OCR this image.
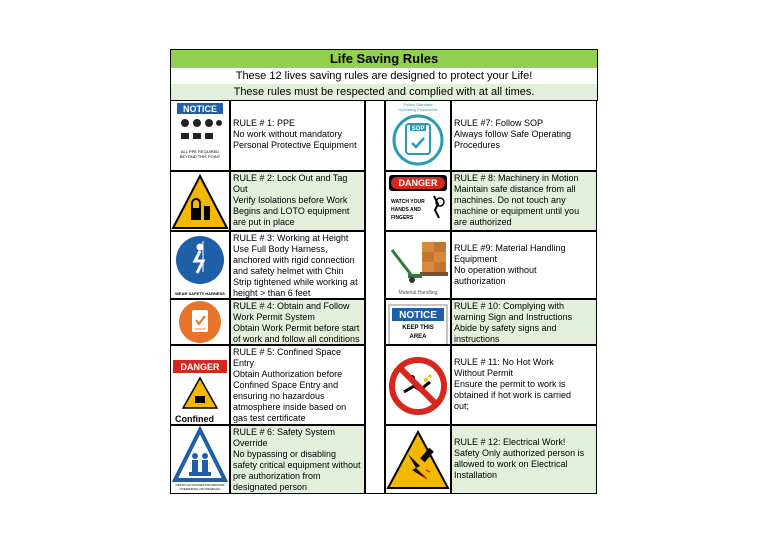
Life Saving Rules
These 12 lives saving rules are designed to protect your Life!
These rules must be respected and complied with at all times.
NOTICE
ALL PPE REQUIRED
BEYOND THIS POINT
RULE # 1: PPE
No work without mandatory
Personal Protective Equipment
RULE # 2: Lock Out and Tag
Out
Verify Isolations before Work
Begins and LOTO equipment
are put in place
WEAR SAFETY HARNESS
RULE # 3: Working at Height
Use Full Body Harness,
anchored with rigid connection
and safety helmet with Chin
Strip tightened while working at
height > than 6 feet
permit
RULE # 4: Obtain and Follow
Work Permit System
Obtain Work Permit before start
of work and follow all conditions
DANGER
Confined
RULE # 5: Confined Space
Entry
Obtain Authorization before
Confined Space Entry and
ensuring no hazardous
atmosphere inside based on
gas test certificate
OBTAIN AUTHORIZATION BEFORE
OVERRIDING OR DISABLING
RULE # 6: Safety System
Override
No bypassing or disabling
safety critical equipment without
pre authorization from
designated person
Follow Standard
Operating Procedures
SOP
RULE #7: Follow SOP
Always follow Safe Operating
Procedures
DANGER
WATCH YOUR
HANDS AND
FINGERS
RULE # 8: Machinery in Motion
Maintain safe distance from all
machines. Do not touch any
machine or equipment until you
are authorized
Material Handling
RULE #9: Material Handling
Equipment
No operation without
authorization
NOTICE
KEEP THIS
AREA
RULE # 10: Complying with
warning Sign and Instructions
Abide by safety signs and
instructions
RULE # 11: No Hot Work
Without Permit
Ensure the permit to work is
obtained if hot work is carried
out;
RULE # 12: Electrical Work!
Safety Only authorized person is
allowed to work on Electrical
Installation
